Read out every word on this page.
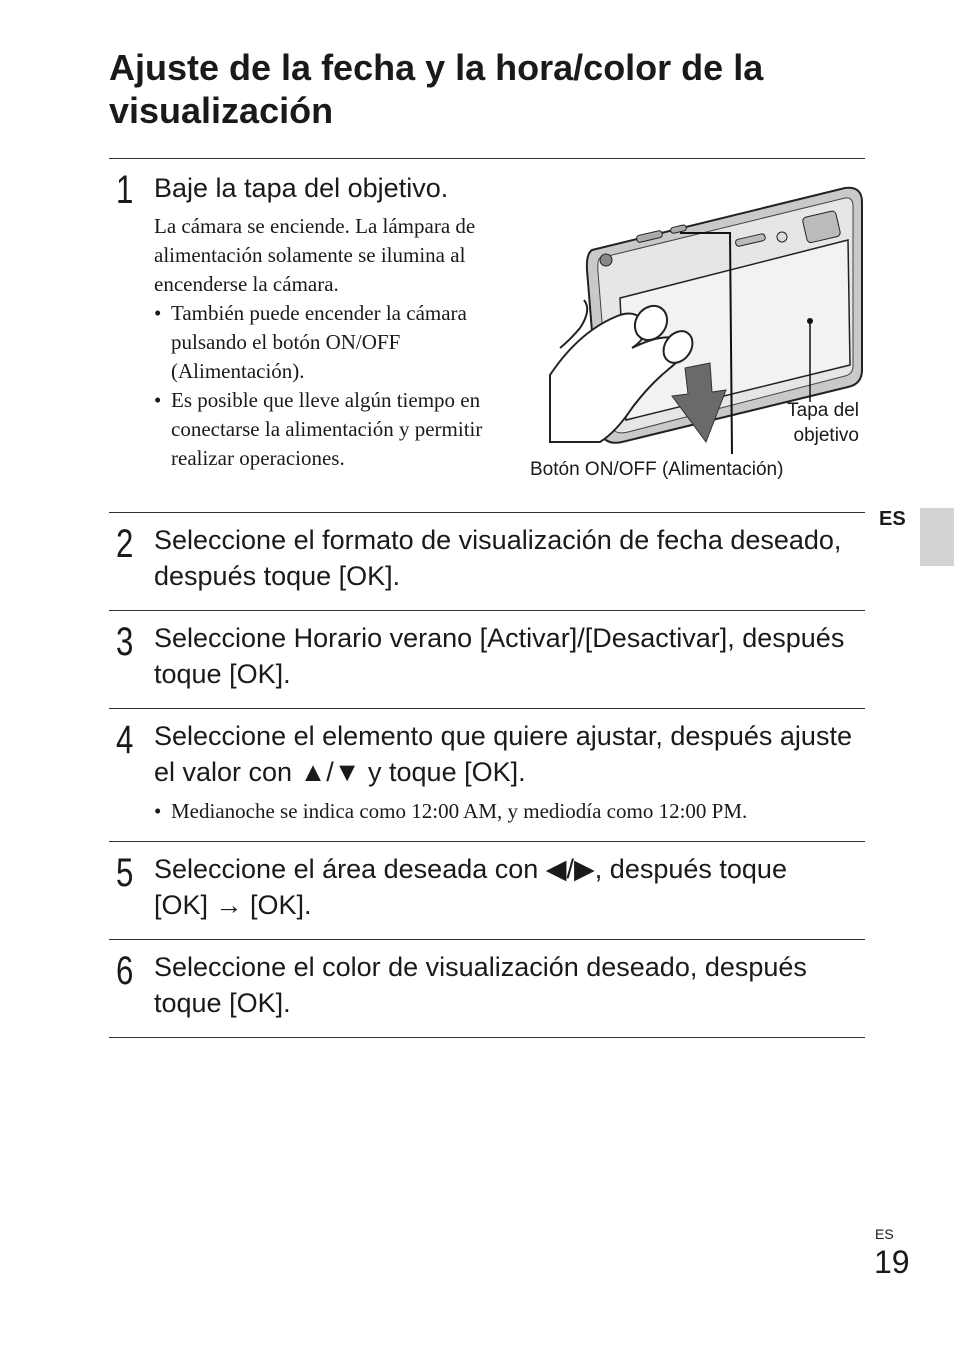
Ajuste de la fecha y la hora/color de la visualización
1 Baje la tapa del objetivo.
La cámara se enciende. La lámpara de alimentación solamente se ilumina al encenderse la cámara.
• También puede encender la cámara pulsando el botón ON/OFF (Alimentación).
• Es posible que lleve algún tiempo en conectarse la alimentación y permitir realizar operaciones.
Tapa del objetivo
Botón ON/OFF (Alimentación)
2 Seleccione el formato de visualización de fecha deseado, después toque [OK].
3 Seleccione Horario verano [Activar]/[Desactivar], después toque [OK].
4 Seleccione el elemento que quiere ajustar, después ajuste el valor con ▲/▼ y toque [OK].
• Medianoche se indica como 12:00 AM, y mediodía como 12:00 PM.
5 Seleccione el área deseada con ◀/▶, después toque [OK] → [OK].
6 Seleccione el color de visualización deseado, después toque [OK].
ES
ES
19
